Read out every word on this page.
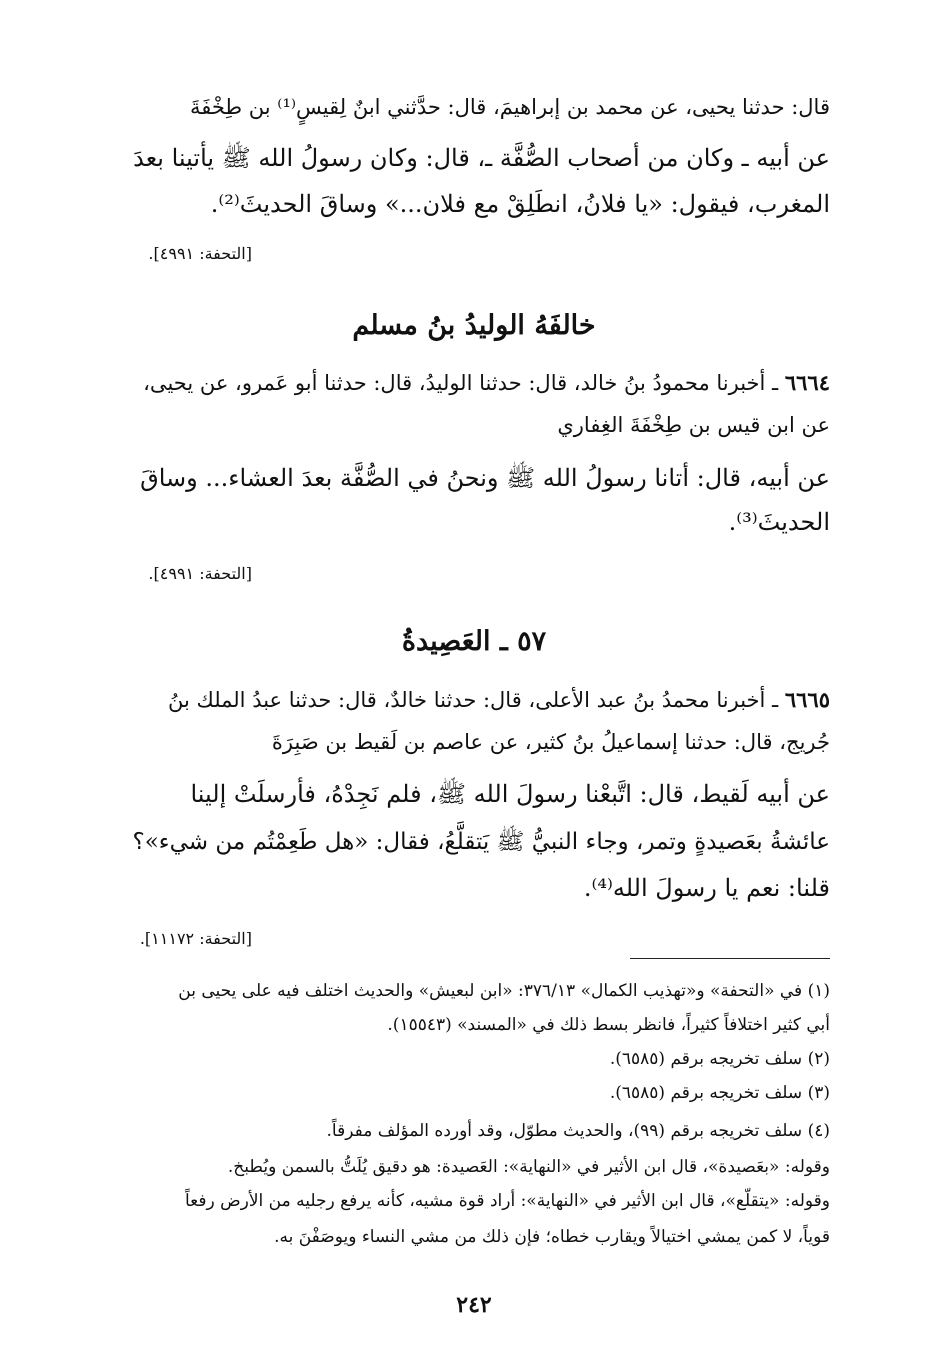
قال: حدثنا يحيى، عن محمد بن إبراهيمَ، قال: حدَّثني ابنٌ لِقيسٍ⁽¹⁾ بن طِخْفَةَ
عن أبيه ـ وكان من أصحاب الصُّفَّة ـ، قال: وكان رسولُ الله ﷺ يأتينا بعدَ
المغرب، فيقول: «يا فلانُ، انطَلِقْ مع فلان...» وساقَ الحديثَ⁽²⁾.
[التحفة: ٤٩٩١].
خالفَهُ الوليدُ بنُ مسلم
٦٦٦٤ ـ أخبرنا محمودُ بنُ خالد، قال: حدثنا الوليدُ، قال: حدثنا أبو عَمرو، عن يحيى،
عن ابن قيس بن طِخْفَةَ الغِفاري
عن أبيه، قال: أتانا رسولُ الله ﷺ ونحنُ في الصُّفَّة بعدَ العشاء... وساقَ
الحديثَ⁽³⁾.
[التحفة: ٤٩٩١].
٥٧ ـ العَصِيدةُ
٦٦٦٥ ـ أخبرنا محمدُ بنُ عبد الأعلى، قال: حدثنا خالدٌ، قال: حدثنا عبدُ الملك بنُ
جُريج، قال: حدثنا إسماعيلُ بنُ كثير، عن عاصم بن لَقيط بن صَبِرَةَ
عن أبيه لَقيط، قال: اتَّبعْنا رسولَ الله ﷺ، فلم نَجِدْهُ، فأرسلَتْ إلينا
عائشةُ بعَصيدةٍ وتمر، وجاء النبيُّ ﷺ يَتقلَّعُ، فقال: «هل طَعِمْتُم من شيء»؟
قلنا: نعم يا رسولَ الله⁽⁴⁾.
[التحفة: ١١١٧٢].
(١) في «التحفة» و«تهذيب الكمال» ٣٧٦/١٣: «ابن لبعيش» والحديث اختلف فيه على يحيى بن
أبي كثير اختلافاً كثيراً، فانظر بسط ذلك في «المسند» (١٥٥٤٣).
(٢) سلف تخريجه برقم (٦٥٨٥).
(٣) سلف تخريجه برقم (٦٥٨٥).
(٤) سلف تخريجه برقم (٩٩)، والحديث مطوّل، وقد أورده المؤلف مفرقاً.
وقوله: «بعَصيدة»، قال ابن الأثير في «النهاية»: العَصيدة: هو دقيق يُلَتُّ بالسمن ويُطبخ.
وقوله: «يتقلّع»، قال ابن الأثير في «النهاية»: أراد قوة مشيه، كأنه يرفع رجليه من الأرض رفعاً
قوياً، لا كمن يمشي اختيالاً ويقارب خطاه؛ فإن ذلك من مشي النساء ويوصَفْنَ به.
٢٤٢
